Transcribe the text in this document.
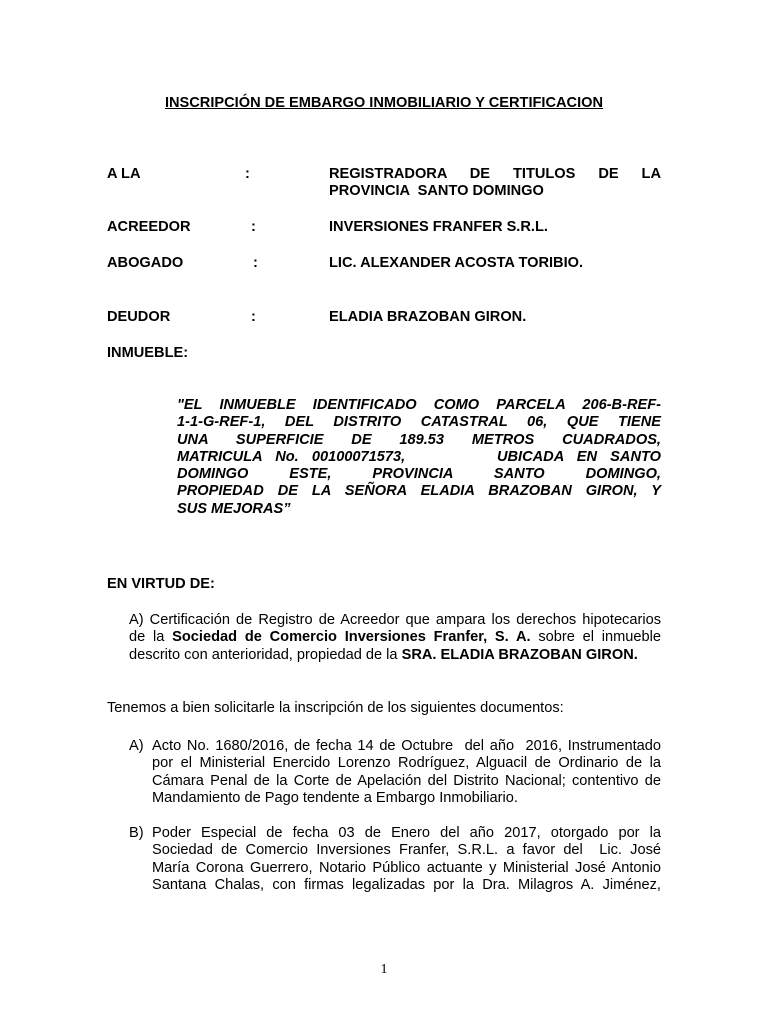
INSCRIPCIÓN DE EMBARGO INMOBILIARIO Y CERTIFICACION
A LA	:	REGISTRADORA DE TITULOS DE LA
PROVINCIA  SANTO DOMINGO
ACREEDOR	:	INVERSIONES FRANFER S.R.L.
ABOGADO	:	LIC. ALEXANDER ACOSTA TORIBIO.
DEUDOR	:	ELADIA BRAZOBAN GIRON.
INMUEBLE:
"EL INMUEBLE IDENTIFICADO COMO PARCELA 206-B-REF-
1-1-G-REF-1, DEL DISTRITO CATASTRAL 06, QUE TIENE
UNA SUPERFICIE DE 189.53 METROS CUADRADOS,
MATRICULA No. 00100071573,       UBICADA EN SANTO
DOMINGO ESTE, PROVINCIA SANTO DOMINGO,
PROPIEDAD DE LA SEÑORA ELADIA BRAZOBAN GIRON, Y
SUS MEJORAS”
EN VIRTUD DE:
A) Certificación de Registro de Acreedor que ampara los derechos hipotecarios
de la Sociedad de Comercio Inversiones Franfer, S. A. sobre el inmueble
descrito con anterioridad, propiedad de la SRA. ELADIA BRAZOBAN GIRON.
Tenemos a bien solicitarle la inscripción de los siguientes documentos:
A) Acto No. 1680/2016, de fecha 14 de Octubre  del año  2016, Instrumentado
por el Ministerial Enercido Lorenzo Rodríguez, Alguacil de Ordinario de la
Cámara Penal de la Corte de Apelación del Distrito Nacional; contentivo de
Mandamiento de Pago tendente a Embargo Inmobiliario.
B) Poder Especial de fecha 03 de Enero del año 2017, otorgado por la
Sociedad de Comercio Inversiones Franfer, S.R.L. a favor del  Lic. José
María Corona Guerrero, Notario Público actuante y Ministerial José Antonio
Santana Chalas, con firmas legalizadas por la Dra. Milagros A. Jiménez,
1
